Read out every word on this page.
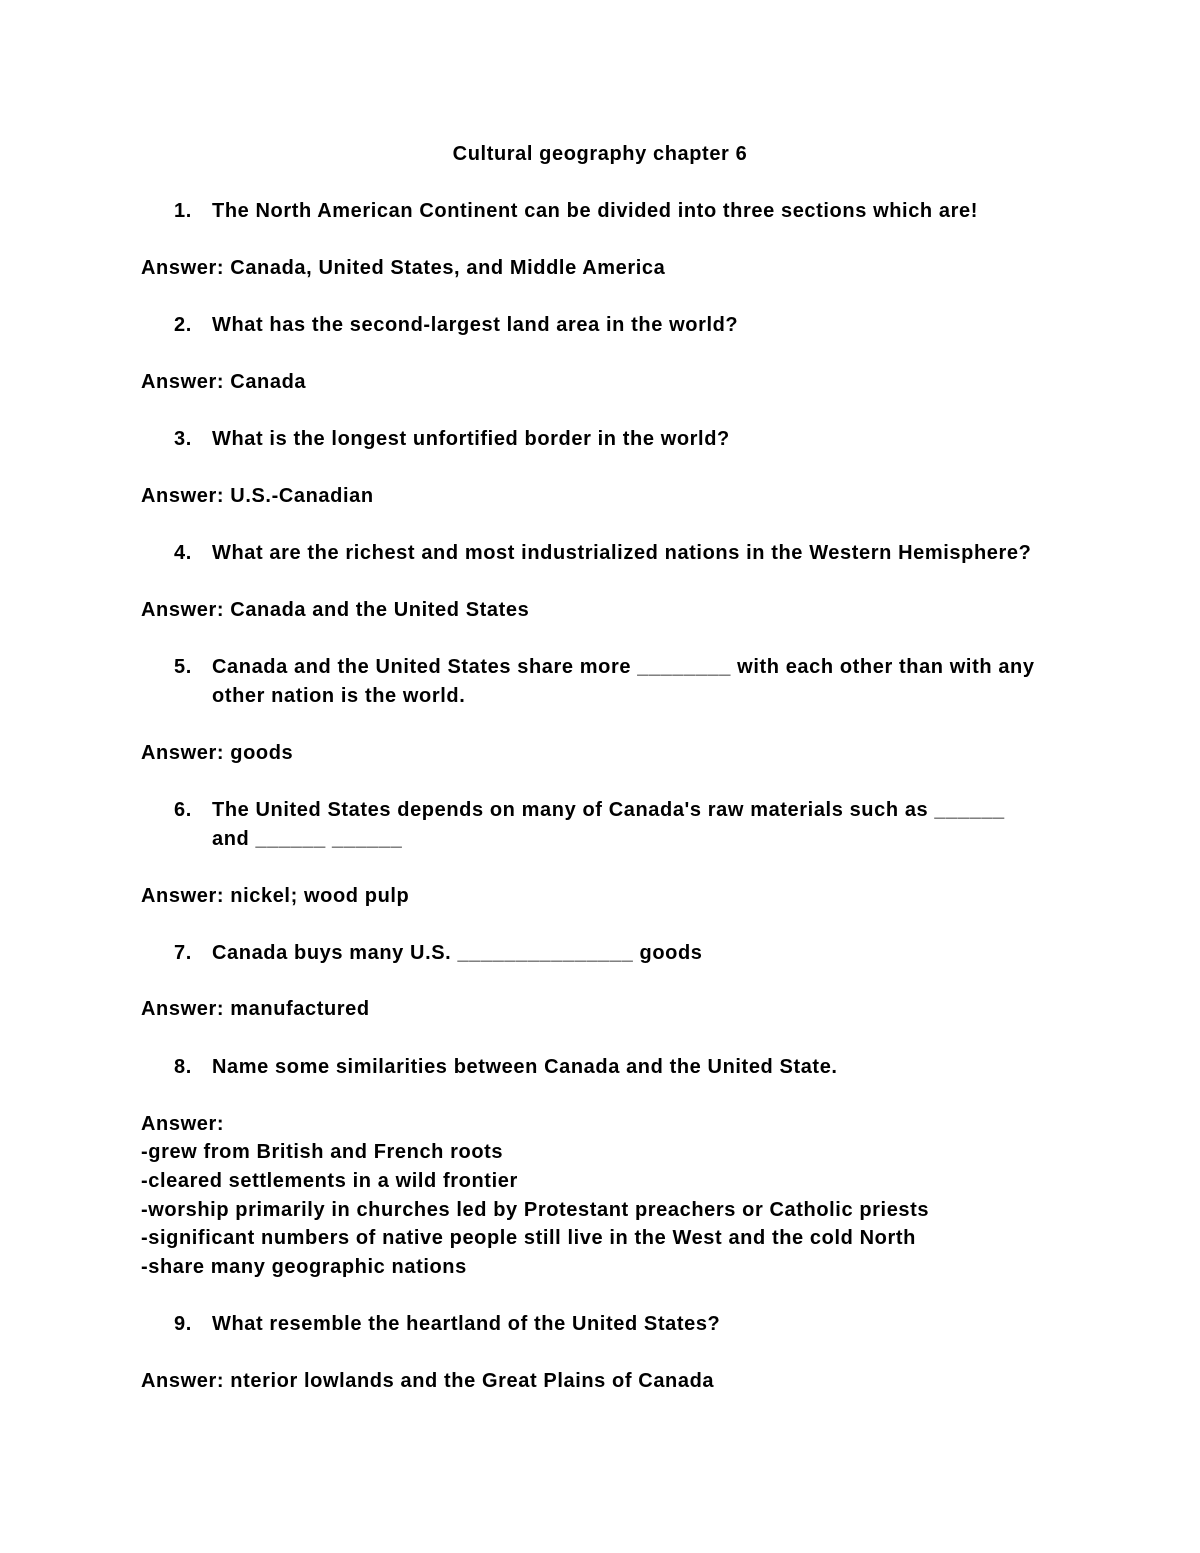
Cultural geography chapter 6
1. The North American Continent can be divided into three sections which are!
Answer: Canada, United States, and Middle America
2. What has the second-largest land area in the world?
Answer: Canada
3. What is the longest unfortified border in the world?
Answer: U.S.-Canadian
4. What are the richest and most industrialized nations in the Western Hemisphere?
Answer: Canada and the United States
5. Canada and the United States share more ________ with each other than with any
other nation is the world.
Answer: goods
6. The United States depends on many of Canada's raw materials such as ______
and ______ ______
Answer: nickel; wood pulp
7. Canada buys many U.S. _______________ goods
Answer: manufactured
8. Name some similarities between Canada and the United State.
Answer:
-grew from British and French roots
-cleared settlements in a wild frontier
-worship primarily in churches led by Protestant preachers or Catholic priests
-significant numbers of native people still live in the West and the cold North
-share many geographic nations
9. What resemble the heartland of the United States?
Answer: nterior lowlands and the Great Plains of Canada
